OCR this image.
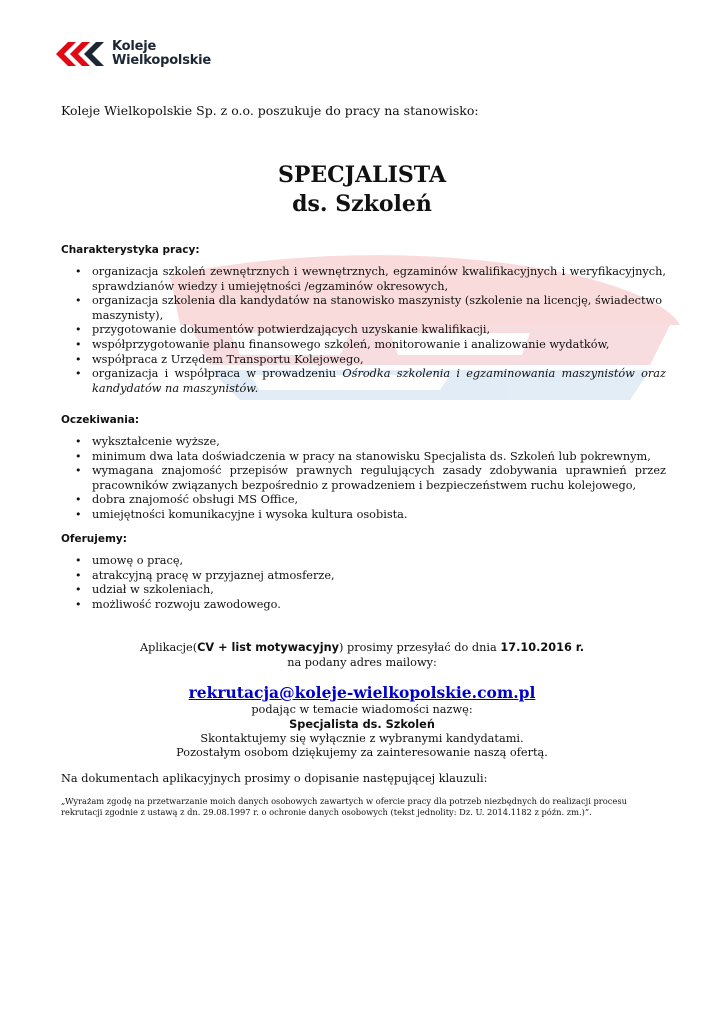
Koleje
Wielkopolskie
Koleje Wielkopolskie Sp. z o.o. poszukuje do pracy na stanowisko:
SPECJALISTA
ds. Szkoleń
Charakterystyka pracy:
• organizacja szkoleń zewnętrznych i wewnętrznych, egzaminów kwalifikacyjnych i weryfikacyjnych, sprawdzianów wiedzy i umiejętności /egzaminów okresowych,
• organizacja szkolenia dla kandydatów na stanowisko maszynisty (szkolenie na licencję, świadectwo maszynisty),
• przygotowanie dokumentów potwierdzających uzyskanie kwalifikacji,
• współprzygotowanie planu finansowego szkoleń, monitorowanie i analizowanie wydatków,
• współpraca z Urzędem Transportu Kolejowego,
• organizacja i współpraca w prowadzeniu Ośrodka szkolenia i egzaminowania maszynistów oraz kandydatów na maszynistów.
Oczekiwania:
• wykształcenie wyższe,
• minimum dwa lata doświadczenia w pracy na stanowisku Specjalista ds. Szkoleń lub pokrewnym,
• wymagana znajomość przepisów prawnych regulujących zasady zdobywania uprawnień przez pracowników związanych bezpośrednio z prowadzeniem i bezpieczeństwem ruchu kolejowego,
• dobra znajomość obsługi MS Office,
• umiejętności komunikacyjne i wysoka kultura osobista.
Oferujemy:
• umowę o pracę,
• atrakcyjną pracę w przyjaznej atmosferze,
• udział w szkoleniach,
• możliwość rozwoju zawodowego.
Aplikacje(CV + list motywacyjny) prosimy przesyłać do dnia 17.10.2016 r.
na podany adres mailowy:
rekrutacja@koleje-wielkopolskie.com.pl
podając w temacie wiadomości nazwę:
Specjalista ds. Szkoleń
Skontaktujemy się wyłącznie z wybranymi kandydatami.
Pozostałym osobom dziękujemy za zainteresowanie naszą ofertą.
Na dokumentach aplikacyjnych prosimy o dopisanie następującej klauzuli:
„Wyrażam zgodę na przetwarzanie moich danych osobowych zawartych w ofercie pracy dla potrzeb niezbędnych do realizacji procesu rekrutacji zgodnie z ustawą z dn. 29.08.1997 r. o ochronie danych osobowych (tekst jednolity: Dz. U. 2014.1182 z późn. zm.)”.
